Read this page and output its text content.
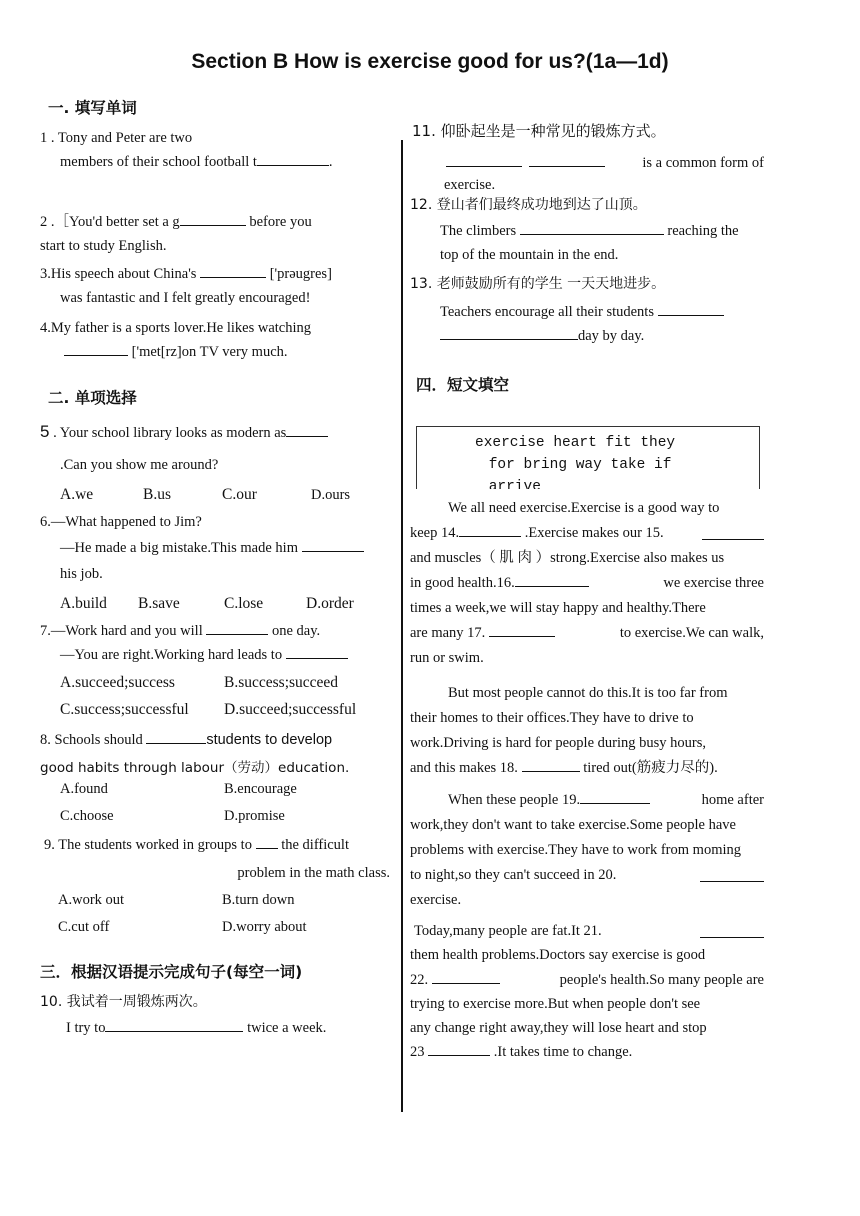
Section B How is exercise good for us?(1a—1d)
一. 填写单词
1 . Tony and Peter are two
members of their school football t	.
2 .［You'd better set a g	before you
start to study English.
3.His speech about China's	['prəugres]
was fantastic and I felt greatly encouraged!
4.My father is a sports lover.He likes watching
['met[rz]on TV very much.
二. 单项选择
5 . Your school library looks as modern as
.Can you show me around?
A.we	B.us	C.our	D.ours
6.—What happened to Jim?
—He made a big mistake.This made him
his job.
A.build	B.save	C.lose	D.order
7.—Work hard and you will	one day.
—You are right.Working hard leads to
A.succeed;success	B.success;succeed
C.success;successful	D.succeed;successful
8. Schools should	students to develop
good habits through labour（劳动）education.
A.found	B.encourage
C.choose	D.promise
9. The students worked in groups to  the difficult
problem in the math class.
A.work out	B.turn down
C.cut off	D.worry about
三．根据汉语提示完成句子(每空一词)
10. 我试着一周锻炼两次。
I try to	twice a week.
11. 仰卧起坐是一种常见的锻炼方式。

is a common form of
exercise.
12. 登山者们最终成功地到达了山顶。
The climbers	reaching the
top of the mountain in the end.
13. 老师鼓励所有的学生 一天天地进步。
Teachers encourage all their students
day by day.
四．短文填空
exercise heart fit they
for bring way take if
arrive
We all need exercise.Exercise is a good way to
keep 14.	.Exercise makes our 15.
and muscles（ 肌 肉 ）strong.Exercise also makes us
in good health.16.	we exercise three
times a week,we will stay happy and healthy.There
are many 17.	to exercise.We can walk,
run or swim.
But most people cannot do this.It is too far from
their homes to their offices.They have to drive to
work.Driving is hard for people during busy hours,
and this makes 18.	tired out(筋疲力尽的).
When these people 19.	home after
work,they don't want to take exercise.Some people have
problems with exercise.They have to work from moming
to night,so they can't succeed in 20.
exercise.
Today,many people are fat.It 21.
them health problems.Doctors say exercise is good
22.	people's health.So many people are
trying to exercise more.But when people don't see
any change right away,they will lose heart and stop
23	.It takes time to change.
